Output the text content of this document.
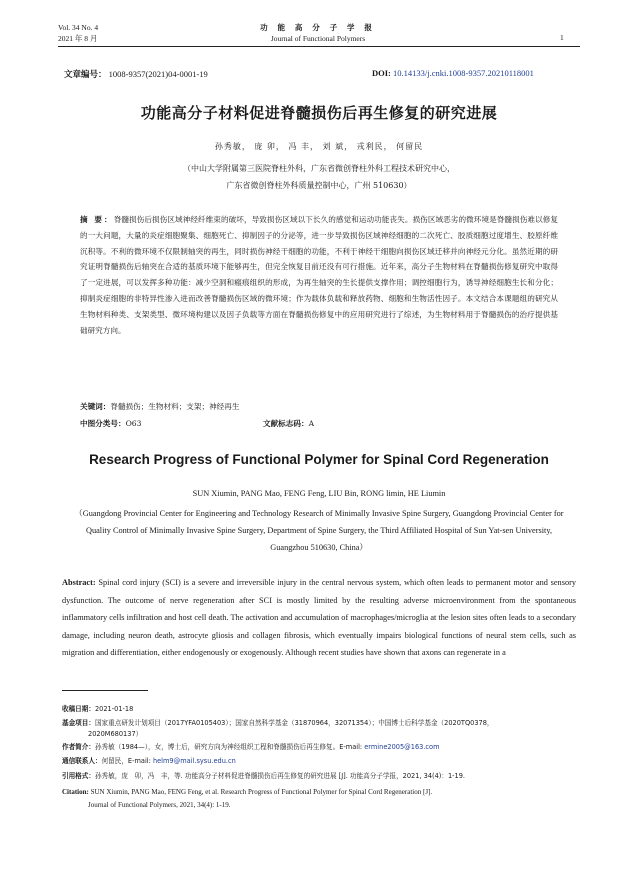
Vol. 34 No. 4
2021 年 8 月
功 能 高 分 子 学 报
Journal of Functional Polymers	1
文章编号： 1008-9357(2021)04-0001-19	DOI: 10.14133/j.cnki.1008-9357.20210118001
功能高分子材料促进脊髓损伤后再生修复的研究进展
孙秀敏， 庞 卯， 冯 丰， 刘 斌， 戎利民， 何留民
（中山大学附属第三医院脊柱外科，广东省微创脊柱外科工程技术研究中心，
广东省微创脊柱外科质量控制中心，广州 510630）
摘 要：脊髓损伤后损伤区域神经纤维束的破坏，导致损伤区域以下长久的感觉和运动功能丧失。损伤区域恶劣的微环境是脊髓损伤难以修复的一大问题，大量的炎症细胞聚集、细胞死亡、抑制因子的分泌等，进一步导致损伤区域神经细胞的二次死亡、胶质细胞过度增生、胶原纤维沉积等。不利的微环境不仅限制轴突的再生，同时损伤神经干细胞的功能，不利于神经干细胞向损伤区域迁移并向神经元分化。虽然近期的研究证明脊髓损伤后轴突在合适的基质环境下能够再生，但完全恢复目前还没有可行措施。近年来，高分子生物材料在脊髓损伤修复研究中取得了一定进展，可以发挥多种功能：减少空洞和瘢痕组织的形成，为再生轴突的生长提供支撑作用；调控细胞行为，诱导神经细胞生长和分化；抑制炎症细胞的非特异性渗入进而改善脊髓损伤区域的微环境；作为载体负载和释放药物、细胞和生物活性因子。本文结合本课题组的研究从生物材料种类、支架类型、微环境构建以及因子负载等方面在脊髓损伤修复中的应用研究进行了综述，为生物材料用于脊髓损伤的治疗提供基础研究方向。
关键词：脊髓损伤；生物材料；支架；神经再生
中图分类号：O63	文献标志码：A
Research Progress of Functional Polymer for Spinal Cord Regeneration
SUN Xiumin, PANG Mao, FENG Feng, LIU Bin, RONG limin, HE Liumin
（Guangdong Provincial Center for Engineering and Technology Research of Minimally Invasive Spine Surgery, Guangdong Provincial Center for Quality Control of Minimally Invasive Spine Surgery, Department of Spine Surgery, the Third Affiliated Hospital of Sun Yat-sen University, Guangzhou 510630, China）
Abstract: Spinal cord injury (SCI) is a severe and irreversible injury in the central nervous system, which often leads to permanent motor and sensory dysfunction. The outcome of nerve regeneration after SCI is mostly limited by the resulting adverse microenvironment from the spontaneous inflammatory cells infiltration and host cell death. The activation and accumulation of macrophages/microglia at the lesion sites often leads to a secondary damage, including neuron death, astrocyte gliosis and collagen fibrosis, which eventually impairs biological functions of neural stem cells, such as migration and differentiation, either endogenously or exogenously. Although recent studies have shown that axons can regenerate in a
收稿日期：2021-01-18
基金项目：国家重点研发计划项目（2017YFA0105403）；国家自然科学基金（31870964，32071354）；中国博士后科学基金（2020TQ0378，
2020M680137）
作者简介：孙秀敏（1984—），女，博士后，研究方向为神经组织工程和脊髓损伤后再生修复。E-mail: ermine2005@163.com
通信联系人：何留民，E-mail: helm9@mail.sysu.edu.cn
引用格式：孙秀敏，庞　卯，冯　丰，等. 功能高分子材料促进脊髓损伤后再生修复的研究进展 [J]. 功能高分子学报，2021, 34(4)：1-19.
Citation: SUN Xiumin, PANG Mao, FENG Feng, et al. Research Progress of Functional Polymer for Spinal Cord Regeneration [J].
Journal of Functional Polymers, 2021, 34(4): 1-19.
